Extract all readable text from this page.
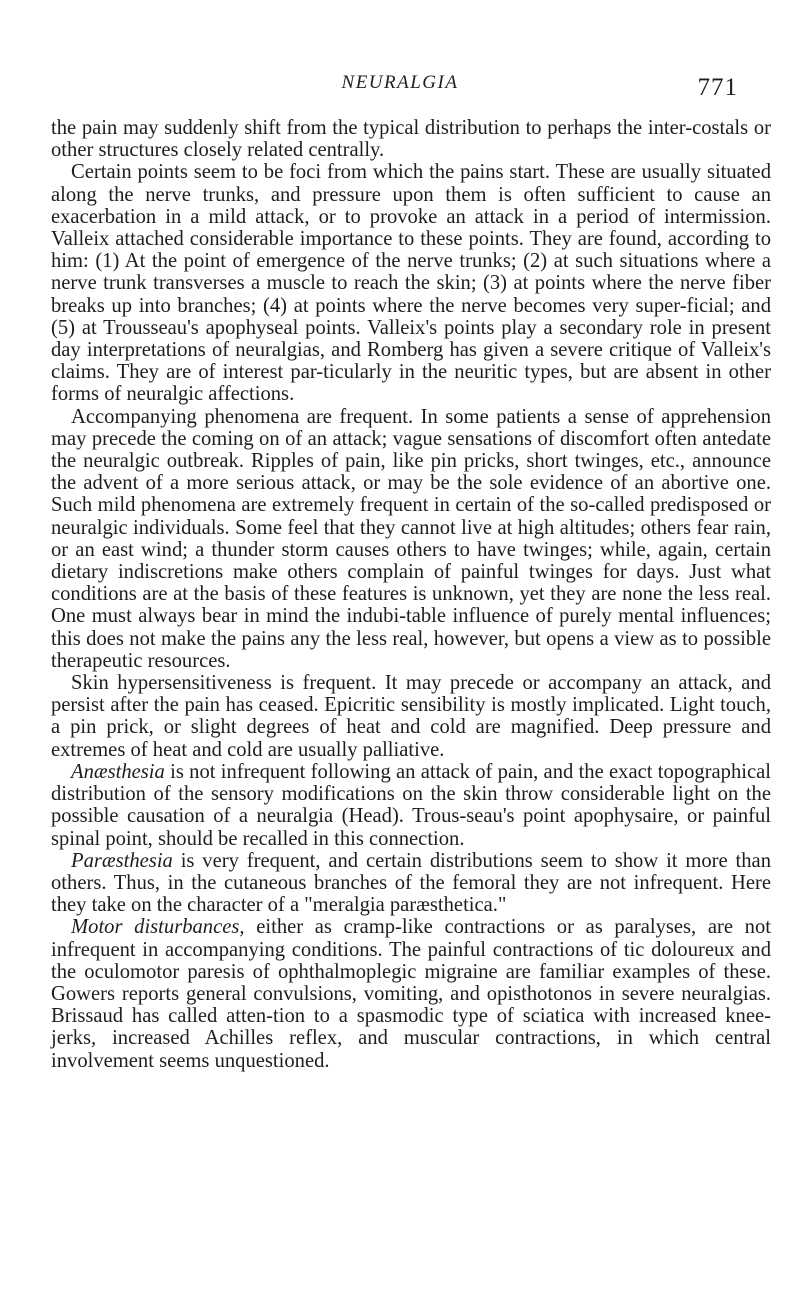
NEURALGIA	771

the pain may suddenly shift from the typical distribution to perhaps the inter-costals or other structures closely related centrally.

Certain points seem to be foci from which the pains start. These are usually situated along the nerve trunks, and pressure upon them is often sufficient to cause an exacerbation in a mild attack, or to provoke an attack in a period of intermission. Valleix attached considerable importance to these points. They are found, according to him: (1) At the point of emergence of the nerve trunks; (2) at such situations where a nerve trunk transverses a muscle to reach the skin; (3) at points where the nerve fiber breaks up into branches; (4) at points where the nerve becomes very super-ficial; and (5) at Trousseau's apophyseal points. Valleix's points play a secondary role in present day interpretations of neuralgias, and Romberg has given a severe critique of Valleix's claims. They are of interest par-ticularly in the neuritic types, but are absent in other forms of neuralgic affections.

Accompanying phenomena are frequent. In some patients a sense of apprehension may precede the coming on of an attack; vague sensations of discomfort often antedate the neuralgic outbreak. Ripples of pain, like pin pricks, short twinges, etc., announce the advent of a more serious attack, or may be the sole evidence of an abortive one. Such mild phenomena are extremely frequent in certain of the so-called predisposed or neuralgic individuals. Some feel that they cannot live at high altitudes; others fear rain, or an east wind; a thunder storm causes others to have twinges; while, again, certain dietary indiscretions make others complain of painful twinges for days. Just what conditions are at the basis of these features is unknown, yet they are none the less real. One must always bear in mind the indubi-table influence of purely mental influences; this does not make the pains any the less real, however, but opens a view as to possible therapeutic resources.

Skin hypersensitiveness is frequent. It may precede or accompany an attack, and persist after the pain has ceased. Epicritic sensibility is mostly implicated. Light touch, a pin prick, or slight degrees of heat and cold are magnified. Deep pressure and extremes of heat and cold are usually palliative.

Anæsthesia is not infrequent following an attack of pain, and the exact topographical distribution of the sensory modifications on the skin throw considerable light on the possible causation of a neuralgia (Head). Trous-seau's point apophysaire, or painful spinal point, should be recalled in this connection.

Paræsthesia is very frequent, and certain distributions seem to show it more than others. Thus, in the cutaneous branches of the femoral they are not infrequent. Here they take on the character of a "meralgia paræsthetica."

Motor disturbances, either as cramp-like contractions or as paralyses, are not infrequent in accompanying conditions. The painful contractions of tic doloureux and the oculomotor paresis of ophthalmoplegic migraine are familiar examples of these. Gowers reports general convulsions, vomiting, and opisthotonos in severe neuralgias. Brissaud has called atten-tion to a spasmodic type of sciatica with increased knee-jerks, increased Achilles reflex, and muscular contractions, in which central involvement seems unquestioned.
